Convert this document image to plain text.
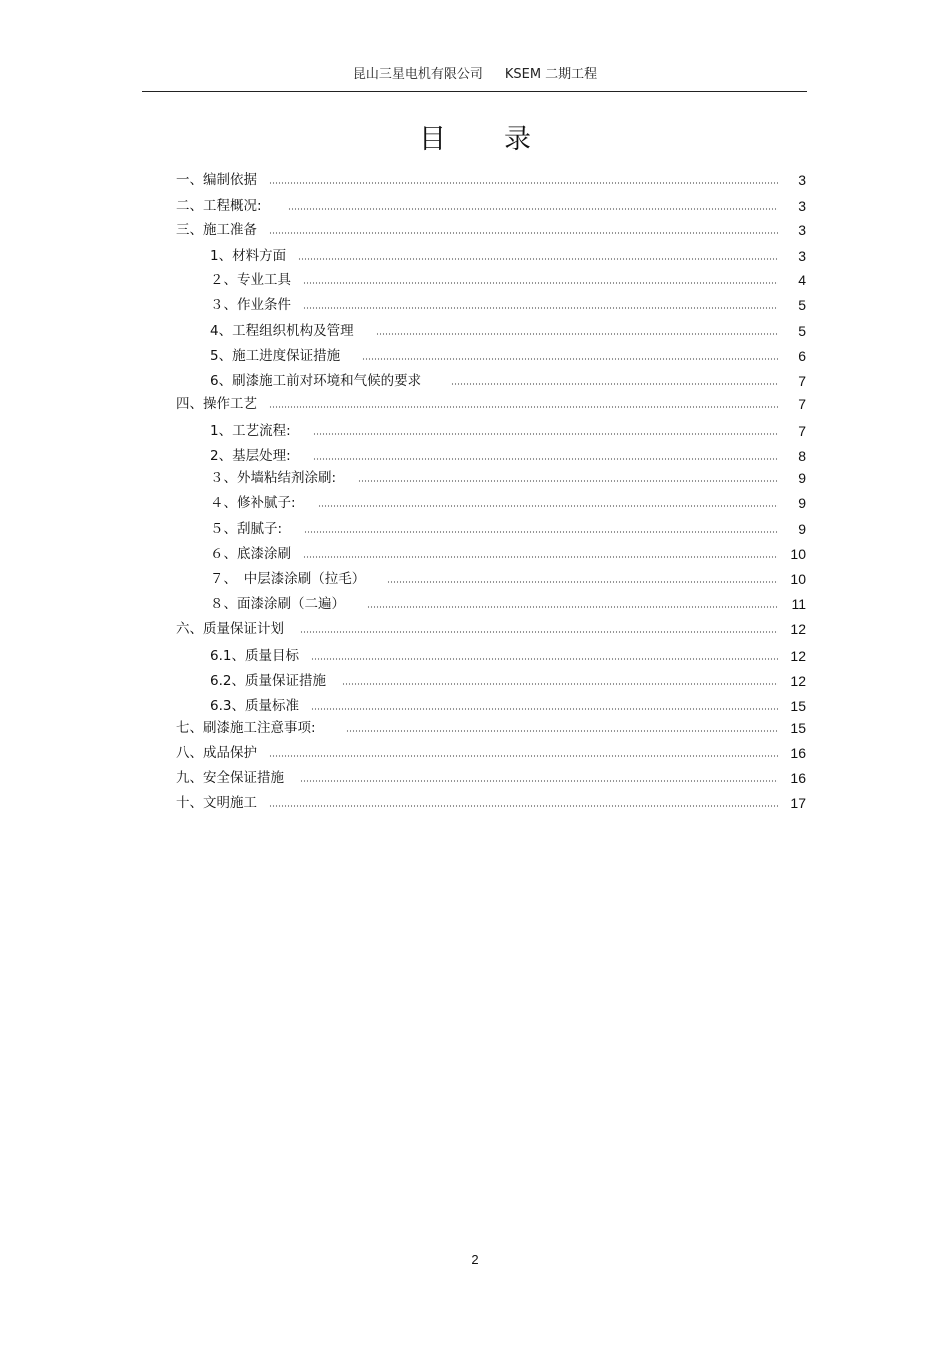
昆山三星电机有限公司 KSEM 二期工程
目 录
一、编制依据	3
二、工程概况:	3
三、施工准备	3
1、材料方面	3
２、专业工具	4
３、作业条件	5
4、工程组织机构及管理	5
5、施工进度保证措施	6
6、刷漆施工前对环境和气候的要求	7
四、操作工艺	7
1、工艺流程:	7
2、基层处理:	8
３、外墙粘结剂涂刷:	9
４、修补腻子:	9
５、刮腻子:	9
６、底漆涂刷	10
７、　中层漆涂刷（拉毛）	10
８、面漆涂刷（二遍）	11
六、质量保证计划	12
6.1、质量目标	12
6.2、质量保证措施	12
6.3、质量标准	15
七、刷漆施工注意事项:	15
八、成品保护	16
九、安全保证措施	16
十、文明施工	17
2
